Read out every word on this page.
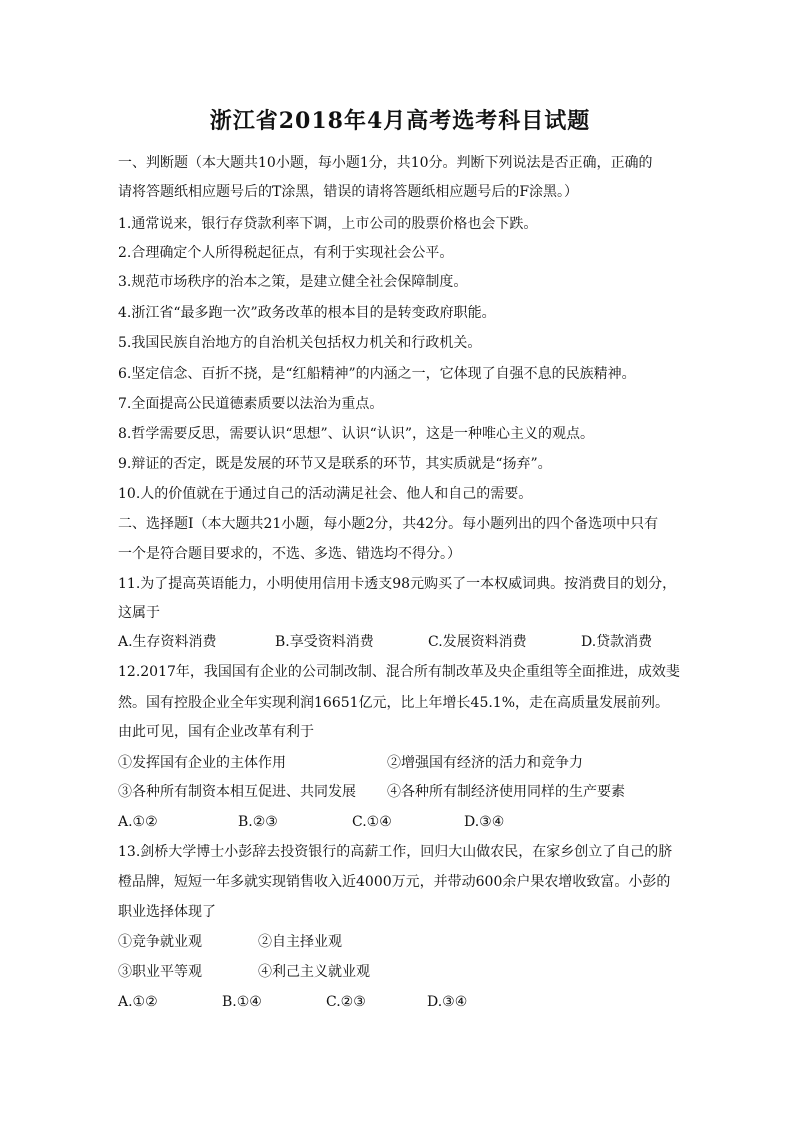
浙江省2018年4月高考选考科目试题
一、判断题（本大题共10小题，每小题1分，共10分。判断下列说法是否正确，正确的
请将答题纸相应题号后的T涂黑，错误的请将答题纸相应题号后的F涂黑。）
1.通常说来，银行存贷款利率下调，上市公司的股票价格也会下跌。
2.合理确定个人所得税起征点，有利于实现社会公平。
3.规范市场秩序的治本之策，是建立健全社会保障制度。
4.浙江省“最多跑一次”政务改革的根本目的是转变政府职能。
5.我国民族自治地方的自治机关包括权力机关和行政机关。
6.坚定信念、百折不挠，是“红船精神”的内涵之一，它体现了自强不息的民族精神。
7.全面提高公民道德素质要以法治为重点。
8.哲学需要反思，需要认识“思想”、认识“认识”，这是一种唯心主义的观点。
9.辩证的否定，既是发展的环节又是联系的环节，其实质就是“扬弃”。
10.人的价值就在于通过自己的活动满足社会、他人和自己的需要。
二、选择题Ⅰ（本大题共21小题，每小题2分，共42分。每小题列出的四个备选项中只有
一个是符合题目要求的，不选、多选、错选均不得分。）
11.为了提高英语能力，小明使用信用卡透支98元购买了一本权威词典。按消费目的划分，
这属于
A.生存资料消费	B.享受资料消费	C.发展资料消费	D.贷款消费
12.2017年，我国国有企业的公司制改制、混合所有制改革及央企重组等全面推进，成效斐
然。国有控股企业全年实现利润16651亿元，比上年增长45.1%，走在高质量发展前列。
由此可见，国有企业改革有利于
①发挥国有企业的主体作用	②增强国有经济的活力和竞争力
③各种所有制资本相互促进、共同发展 ④各种所有制经济使用同样的生产要素
A.①②	B.②③	C.①④	D.③④
13.剑桥大学博士小彭辞去投资银行的高薪工作，回归大山做农民，在家乡创立了自己的脐
橙品牌，短短一年多就实现销售收入近4000万元，并带动600余户果农增收致富。小彭的
职业选择体现了
①竞争就业观	②自主择业观
③职业平等观	④利己主义就业观
A.①②	B.①④	C.②③	D.③④
